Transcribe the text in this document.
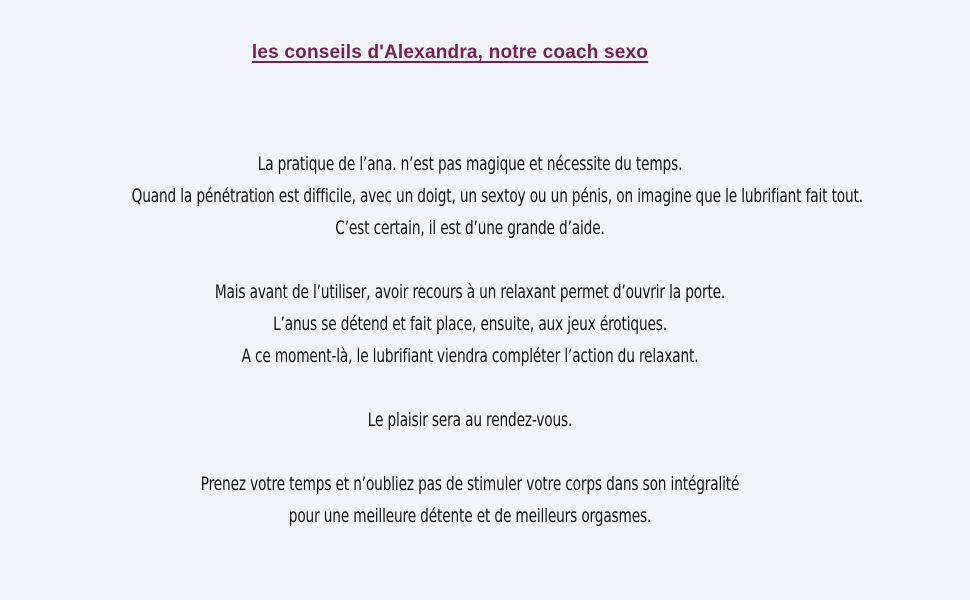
les conseils d'Alexandra, notre coach sexo
La pratique de l’ana. n’est pas magique et nécessite du temps.
Quand la pénétration est difficile, avec un doigt, un sextoy ou un pénis, on imagine que le lubrifiant fait tout.
C’est certain, il est d’une grande d’aide.
Mais avant de l’utiliser, avoir recours à un relaxant permet d’ouvrir la porte.
L’anus se détend et fait place, ensuite, aux jeux érotiques.
A ce moment-là, le lubrifiant viendra compléter l’action du relaxant.
Le plaisir sera au rendez-vous.
Prenez votre temps et n’oubliez pas de stimuler votre corps dans son intégralité
pour une meilleure détente et de meilleurs orgasmes.
